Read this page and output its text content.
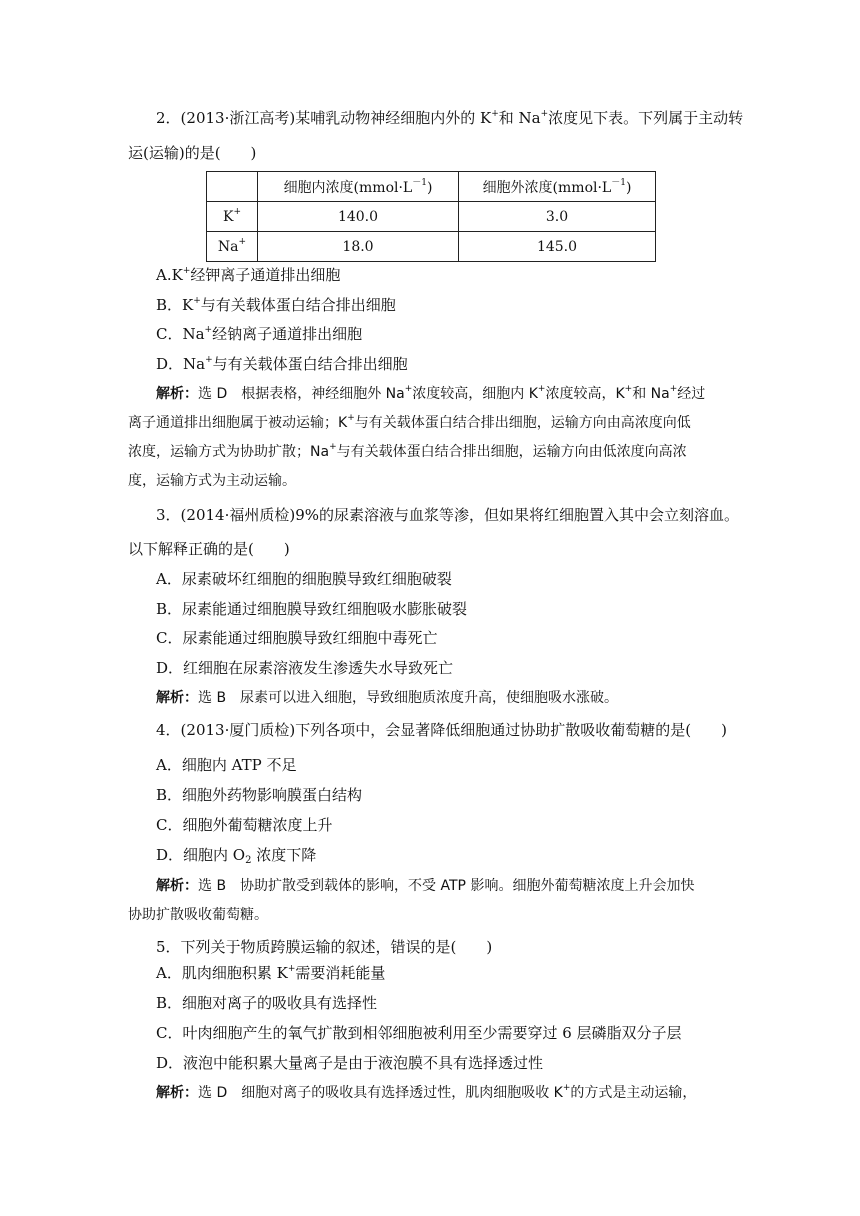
2．(2013·浙江高考)某哺乳动物神经细胞内外的 K+和 Na+浓度见下表。下列属于主动转
运(运输)的是(　　)
	细胞内浓度$(mmol\cdot L^{-1})$	细胞外浓度$(mmol\cdot L^{-1})$
K+	140.0	3.0
Na+	18.0	145.0
A.K+经钾离子通道排出细胞
B．K+与有关载体蛋白结合排出细胞
C．Na+经钠离子通道排出细胞
D．Na+与有关载体蛋白结合排出细胞
解析：选 D　根据表格，神经细胞外 Na+浓度较高，细胞内 K+浓度较高，K+和 Na+经过
离子通道排出细胞属于被动运输；K+与有关载体蛋白结合排出细胞，运输方向由高浓度向低
浓度，运输方式为协助扩散；Na+与有关载体蛋白结合排出细胞，运输方向由低浓度向高浓
度，运输方式为主动运输。
3．(2014·福州质检)9%的尿素溶液与血浆等渗，但如果将红细胞置入其中会立刻溶血。
以下解释正确的是(　　)
A．尿素破坏红细胞的细胞膜导致红细胞破裂
B．尿素能通过细胞膜导致红细胞吸水膨胀破裂
C．尿素能通过细胞膜导致红细胞中毒死亡
D．红细胞在尿素溶液发生渗透失水导致死亡
解析：选 B　尿素可以进入细胞，导致细胞质浓度升高，使细胞吸水涨破。
4．(2013·厦门质检)下列各项中，会显著降低细胞通过协助扩散吸收葡萄糖的是(　　)
A．细胞内 ATP 不足
B．细胞外药物影响膜蛋白结构
C．细胞外葡萄糖浓度上升
D．细胞内 $O_2$ 浓度下降
解析：选 B　协助扩散受到载体的影响，不受 ATP 影响。细胞外葡萄糖浓度上升会加快
协助扩散吸收葡萄糖。
5．下列关于物质跨膜运输的叙述，错误的是(　　)
A．肌肉细胞积累 K+需要消耗能量
B．细胞对离子的吸收具有选择性
C．叶肉细胞产生的氧气扩散到相邻细胞被利用至少需要穿过 6 层磷脂双分子层
D．液泡中能积累大量离子是由于液泡膜不具有选择透过性
解析：选 D　细胞对离子的吸收具有选择透过性，肌肉细胞吸收 K+的方式是主动运输，
